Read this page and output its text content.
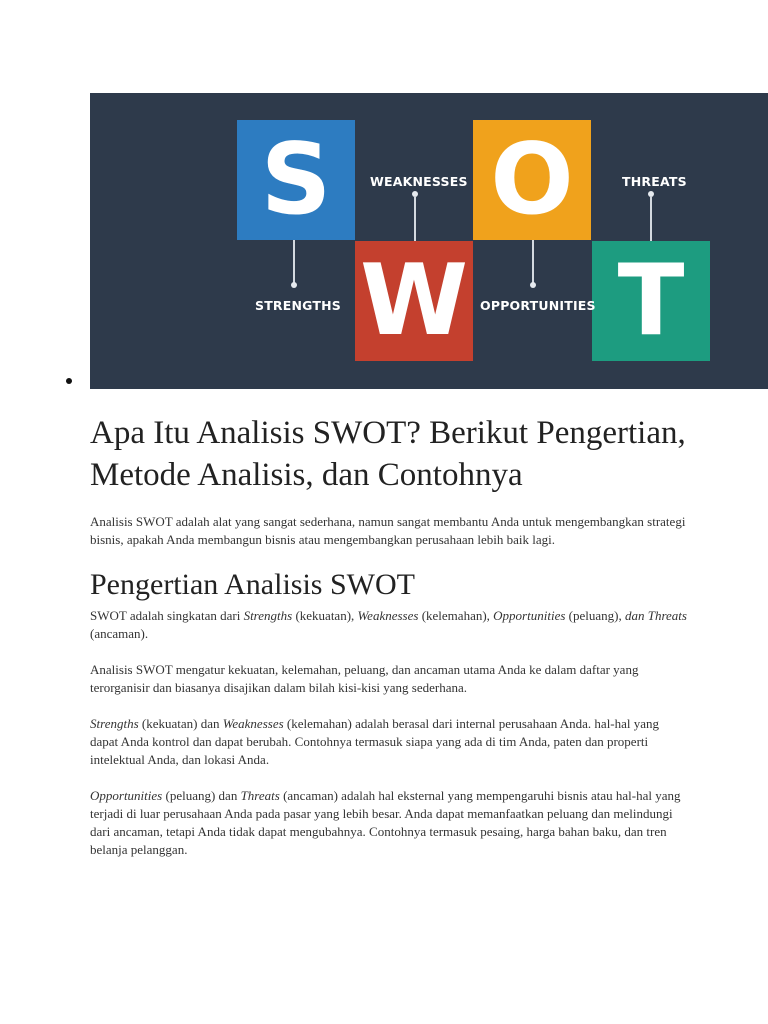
S O
W T
WEAKNESSES	THREATS
STRENGTHS	OPPORTUNITIES
Apa Itu Analisis SWOT? Berikut Pengertian, Metode Analisis, dan Contohnya

Analisis SWOT adalah alat yang sangat sederhana, namun sangat membantu Anda untuk mengembangkan strategi bisnis, apakah Anda membangun bisnis atau mengembangkan perusahaan lebih baik lagi.

Pengertian Analisis SWOT

SWOT adalah singkatan dari Strengths (kekuatan), Weaknesses (kelemahan), Opportunities (peluang), dan Threats (ancaman).

Analisis SWOT mengatur kekuatan, kelemahan, peluang, dan ancaman utama Anda ke dalam daftar yang terorganisir dan biasanya disajikan dalam bilah kisi-kisi yang sederhana.

Strengths (kekuatan) dan Weaknesses (kelemahan) adalah berasal dari internal perusahaan Anda. hal-hal yang dapat Anda kontrol dan dapat berubah. Contohnya termasuk siapa yang ada di tim Anda, paten dan properti intelektual Anda, dan lokasi Anda.

Opportunities (peluang) dan Threats (ancaman) adalah hal eksternal yang mempengaruhi bisnis atau hal-hal yang terjadi di luar perusahaan Anda pada pasar yang lebih besar. Anda dapat memanfaatkan peluang dan melindungi dari ancaman, tetapi Anda tidak dapat mengubahnya. Contohnya termasuk pesaing, harga bahan baku, dan tren belanja pelanggan.
